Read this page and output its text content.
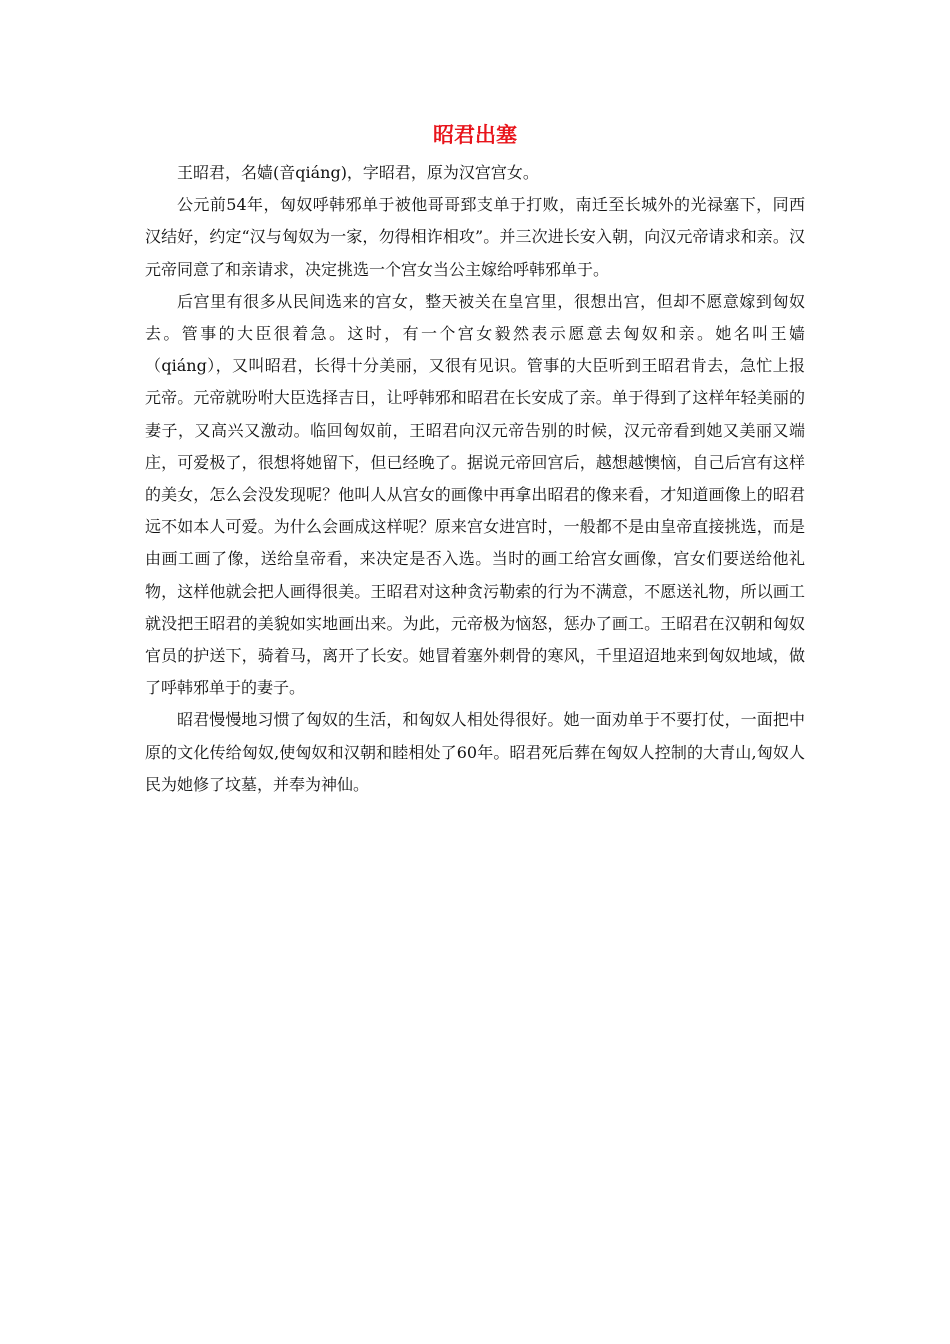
昭君出塞

王昭君，名嫱(音qiáng)，字昭君，原为汉宫宫女。

公元前54年，匈奴呼韩邪单于被他哥哥郅支单于打败，南迁至长城外的光禄塞下，同西汉结好，约定“汉与匈奴为一家，勿得相诈相攻”。并三次进长安入朝，向汉元帝请求和亲。汉元帝同意了和亲请求，决定挑选一个宫女当公主嫁给呼韩邪单于。

后宫里有很多从民间选来的宫女，整天被关在皇宫里，很想出宫，但却不愿意嫁到匈奴去。管事的大臣很着急。这时，有一个宫女毅然表示愿意去匈奴和亲。她名叫王嫱（qiáng），又叫昭君，长得十分美丽，又很有见识。管事的大臣听到王昭君肯去，急忙上报元帝。元帝就吩咐大臣选择吉日，让呼韩邪和昭君在长安成了亲。单于得到了这样年轻美丽的妻子，又高兴又激动。临回匈奴前，王昭君向汉元帝告别的时候，汉元帝看到她又美丽又端庄，可爱极了，很想将她留下，但已经晚了。据说元帝回宫后，越想越懊恼，自己后宫有这样的美女，怎么会没发现呢？他叫人从宫女的画像中再拿出昭君的像来看，才知道画像上的昭君远不如本人可爱。为什么会画成这样呢？原来宫女进宫时，一般都不是由皇帝直接挑选，而是由画工画了像，送给皇帝看，来决定是否入选。当时的画工给宫女画像，宫女们要送给他礼物，这样他就会把人画得很美。王昭君对这种贪污勒索的行为不满意，不愿送礼物，所以画工就没把王昭君的美貌如实地画出来。为此，元帝极为恼怒，惩办了画工。王昭君在汉朝和匈奴官员的护送下，骑着马，离开了长安。她冒着塞外刺骨的寒风，千里迢迢地来到匈奴地域，做了呼韩邪单于的妻子。

昭君慢慢地习惯了匈奴的生活，和匈奴人相处得很好。她一面劝单于不要打仗，一面把中原的文化传给匈奴,使匈奴和汉朝和睦相处了60年。昭君死后葬在匈奴人控制的大青山,匈奴人民为她修了坟墓，并奉为神仙。
